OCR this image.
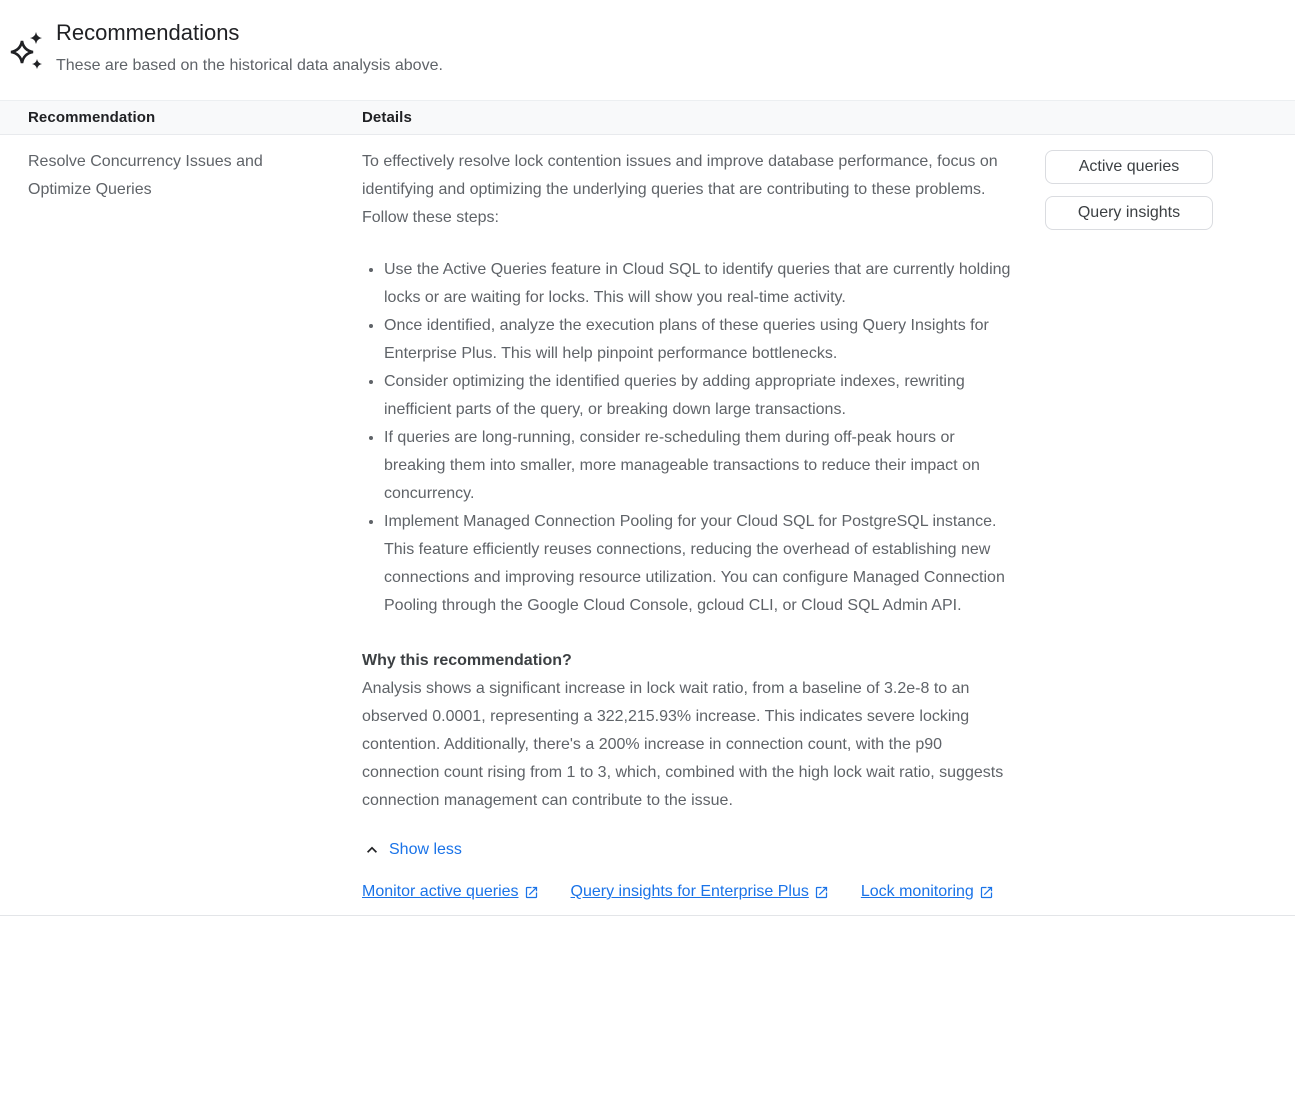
Recommendations
These are based on the historical data analysis above.
Recommendation	Details
Resolve Concurrency Issues and Optimize Queries

To effectively resolve lock contention issues and improve database performance, focus on identifying and optimizing the underlying queries that are contributing to these problems. Follow these steps:

• Use the Active Queries feature in Cloud SQL to identify queries that are currently holding locks or are waiting for locks. This will show you real-time activity.
• Once identified, analyze the execution plans of these queries using Query Insights for Enterprise Plus. This will help pinpoint performance bottlenecks.
• Consider optimizing the identified queries by adding appropriate indexes, rewriting inefficient parts of the query, or breaking down large transactions.
• If queries are long-running, consider re-scheduling them during off-peak hours or breaking them into smaller, more manageable transactions to reduce their impact on concurrency.
• Implement Managed Connection Pooling for your Cloud SQL for PostgreSQL instance. This feature efficiently reuses connections, reducing the overhead of establishing new connections and improving resource utilization. You can configure Managed Connection Pooling through the Google Cloud Console, gcloud CLI, or Cloud SQL Admin API.
Why this recommendation?
Analysis shows a significant increase in lock wait ratio, from a baseline of 3.2e-8 to an observed 0.0001, representing a 322,215.93% increase. This indicates severe locking contention. Additionally, there's a 200% increase in connection count, with the p90 connection count rising from 1 to 3, which, combined with the high lock wait ratio, suggests connection management can contribute to the issue.
Show less
Monitor active queries	Query insights for Enterprise Plus	Lock monitoring
Active queries
Query insights
